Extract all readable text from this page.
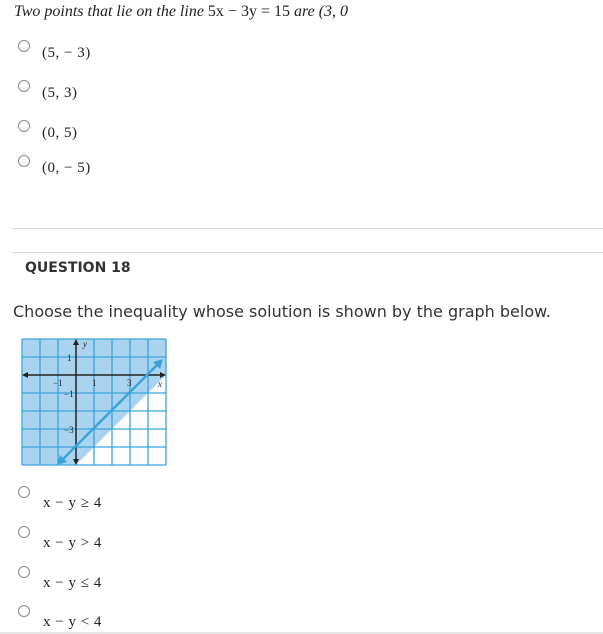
Two points that lie on the line 5x − 3y = 15 are (3, 0
(5, − 3)
(5, 3)
(0, 5)
(0, − 5)
QUESTION 18
Choose the inequality whose solution is shown by the graph below.
y
x
−1	1	3
1
−1
−3
x − y ≥ 4
x − y > 4
x − y ≤ 4
x − y < 4
